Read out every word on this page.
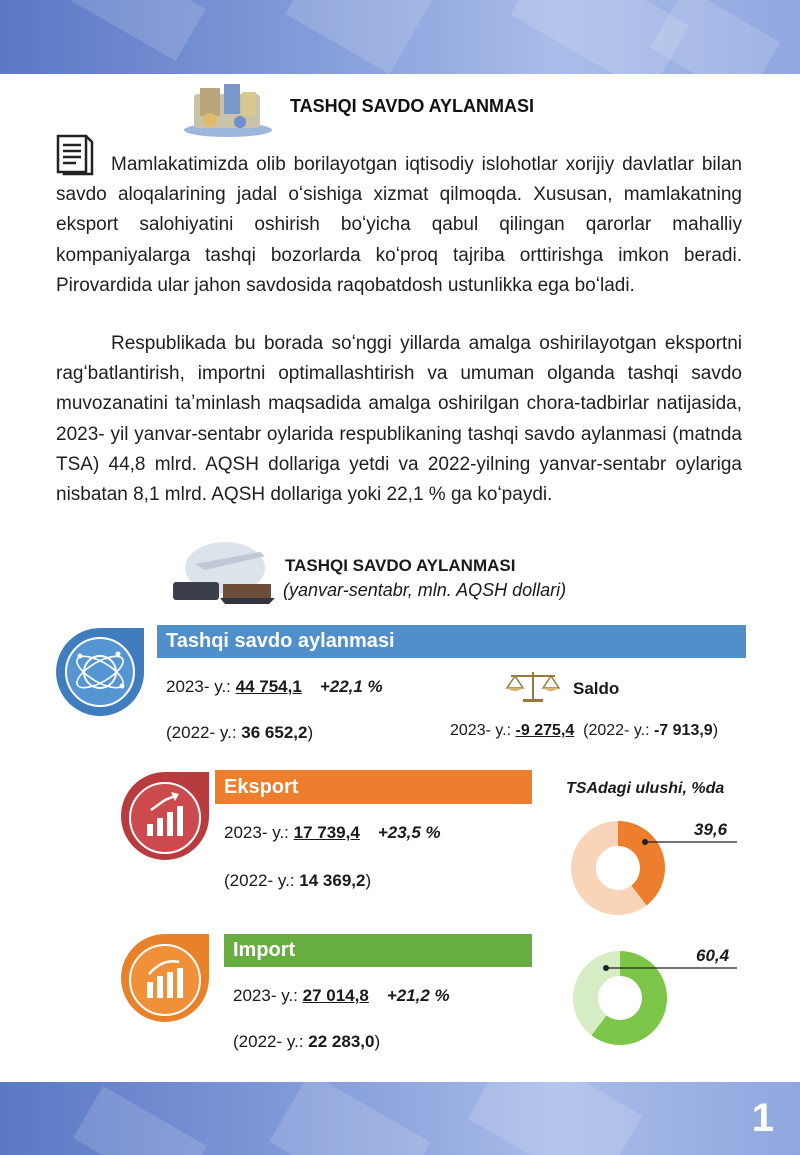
TASHQI SAVDO AYLANMASI
Mamlakatimizda olib borilayotgan iqtisodiy islohotlar xorijiy davlatlar bilan savdo aloqalarining jadal oʻsishiga xizmat qilmoqda. Xususan, mamlakatning eksport salohiyatini oshirish boʻyicha qabul qilingan qarorlar mahalliy kompaniyalarga tashqi bozorlarda koʻproq tajriba orttirishga imkon beradi. Pirovardida ular jahon savdosida raqobatdosh ustunlikka ega boʻladi.
Respublikada bu borada soʻnggi yillarda amalga oshirilayotgan eksportni ragʻbatlantirish, importni optimallashtirish va umuman olganda tashqi savdo muvozanatini taʼminlash maqsadida amalga oshirilgan chora-tadbirlar natijasida, 2023- yil yanvar-sentabr oylarida respublikaning tashqi savdo aylanmasi (matnda TSA) 44,8 mlrd. AQSH dollariga yetdi va 2022-yilning yanvar-sentabr oylariga nisbatan 8,1 mlrd. AQSH dollariga yoki 22,1 % ga koʻpaydi.
TASHQI SAVDO AYLANMASI
(yanvar-sentabr, mln. AQSH dollari)
Tashqi savdo aylanmasi
2023- y.: 44 754,1 +22,1 %
(2022- y.: 36 652,2)
Saldo
2023- y.: -9 275,4  (2022- y.: -7 913,9)
Eksport
2023- y.: 17 739,4 +23,5 %
(2022- y.: 14 369,2)
TSAdagi ulushi, %da
39,6
Import
2023- y.: 27 014,8 +21,2 %
(2022- y.: 22 283,0)
60,4
1
